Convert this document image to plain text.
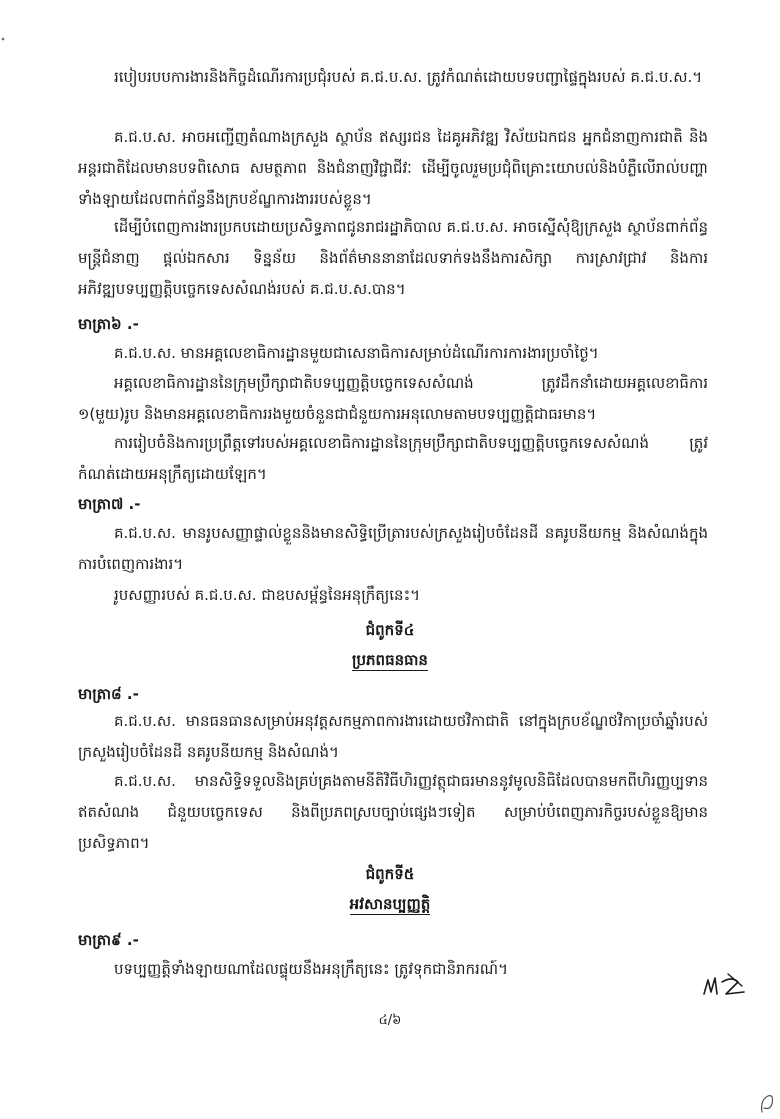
របៀបរបបការងារនិងកិច្ចដំណើរការប្រជុំរបស់ គ.ជ.ប.ស. ត្រូវកំណត់ដោយបទបញ្ជាផ្ទៃក្នុងរបស់ គ.ជ.ប.ស.។

គ.ជ.ប.ស. អាចអញ្ជើញតំណាងក្រសួង ស្ថាប័ន ឥស្សរជន ដៃគូអភិវឌ្ឍ វិស័យឯកជន អ្នកជំនាញការជាតិ និងអន្តរជាតិដែលមានបទពិសោធ សមត្ថភាព និងជំនាញវិជ្ជាជីវៈ ដើម្បីចូលរួមប្រជុំពិគ្រោះយោបល់និងបំភ្លឺលើរាល់បញ្ហាទាំងឡាយដែលពាក់ព័ន្ធនឹងក្របខ័ណ្ឌការងាររបស់ខ្លួន។

ដើម្បីបំពេញការងារប្រកបដោយប្រសិទ្ធភាពជូនរាជរដ្ឋាភិបាល គ.ជ.ប.ស. អាចស្នើសុំឱ្យក្រសួង ស្ថាប័នពាក់ព័ន្ធ មន្ត្រីជំនាញ ផ្តល់ឯកសារ ទិន្នន័យ និងព័ត៌មាននានាដែលទាក់ទងនឹងការសិក្សា ការស្រាវជ្រាវ និងការអភិវឌ្ឍបទប្បញ្ញត្តិបច្ចេកទេសសំណង់របស់ គ.ជ.ប.ស.បាន។

មាត្រា៦ .-

គ.ជ.ប.ស. មានអគ្គលេខាធិការដ្ឋានមួយជាសេនាធិការសម្រាប់ដំណើរការការងារប្រចាំថ្ងៃ។

អគ្គលេខាធិការដ្ឋាននៃក្រុមប្រឹក្សាជាតិបទប្បញ្ញត្តិបច្ចេកទេសសំណង់ ត្រូវដឹកនាំដោយអគ្គលេខាធិការ ១(មួយ)រូប និងមានអគ្គលេខាធិការរងមួយចំនួនជាជំនួយការអនុលោមតាមបទប្បញ្ញត្តិជាធរមាន។

ការរៀបចំនិងការប្រព្រឹត្តទៅរបស់អគ្គលេខាធិការដ្ឋាននៃក្រុមប្រឹក្សាជាតិបទប្បញ្ញត្តិបច្ចេកទេសសំណង់ ត្រូវកំណត់ដោយអនុក្រឹត្យដោយឡែក។

មាត្រា៧ .-

គ.ជ.ប.ស. មានរូបសញ្ញាផ្ទាល់ខ្លួននិងមានសិទ្ធិប្រើត្រារបស់ក្រសួងរៀបចំដែនដី នគរូបនីយកម្ម និងសំណង់ក្នុងការបំពេញការងារ។

រូបសញ្ញារបស់ គ.ជ.ប.ស. ជាឧបសម្ព័ន្ធនៃអនុក្រឹត្យនេះ។

ជំពូកទី៤
ប្រភពធនធាន
មាត្រា៨ .-

គ.ជ.ប.ស. មានធនធានសម្រាប់អនុវត្តសកម្មភាពការងារដោយថវិកាជាតិ នៅក្នុងក្របខ័ណ្ឌថវិកាប្រចាំឆ្នាំរបស់ក្រសួងរៀបចំដែនដី នគរូបនីយកម្ម និងសំណង់។

គ.ជ.ប.ស. មានសិទ្ធិទទួលនិងគ្រប់គ្រងតាមនីតិវិធីហិរញ្ញវត្ថុជាធរមាននូវមូលនិធិដែលបានមកពីហិរញ្ញប្បទានឥតសំណង ជំនួយបច្ចេកទេស និងពីប្រភពស្របច្បាប់ផ្សេងៗទៀត សម្រាប់បំពេញភារកិច្ចរបស់ខ្លួនឱ្យមានប្រសិទ្ធភាព។

ជំពូកទី៥
អវសានប្បញ្ញត្តិ
មាត្រា៩ .-

បទប្បញ្ញត្តិទាំងឡាយណាដែលផ្ទុយនឹងអនុក្រឹត្យនេះ ត្រូវទុកជានិរាករណ៍។

៤/៦
